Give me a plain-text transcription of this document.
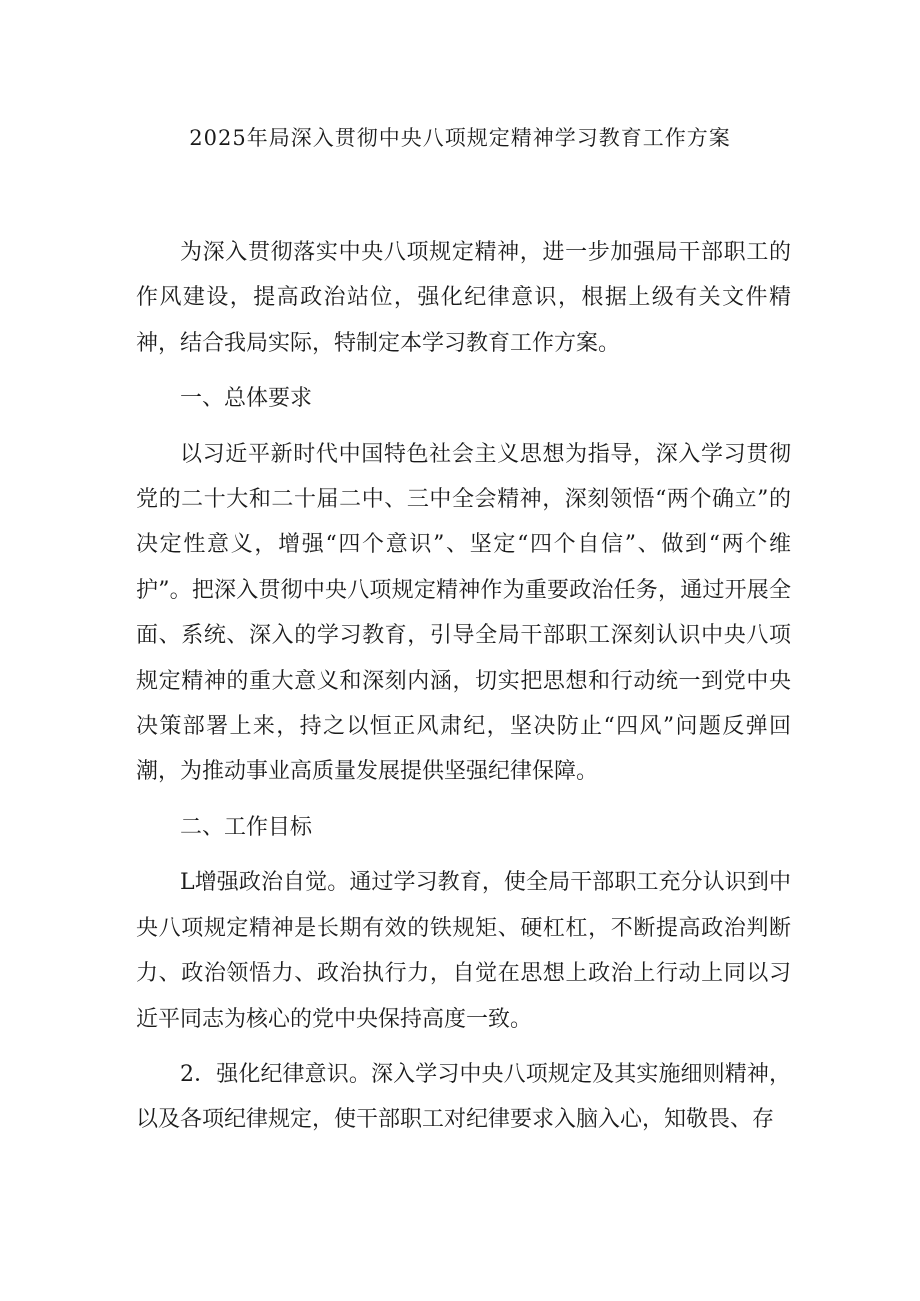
2025年局深入贯彻中央八项规定精神学习教育工作方案

为深入贯彻落实中央八项规定精神，进一步加强局干部职工的作风建设，提高政治站位，强化纪律意识，根据上级有关文件精神，结合我局实际，特制定本学习教育工作方案。

一、总体要求

以习近平新时代中国特色社会主义思想为指导，深入学习贯彻党的二十大和二十届二中、三中全会精神，深刻领悟“两个确立”的决定性意义，增强“四个意识”、坚定“四个自信”、做到“两个维护”。把深入贯彻中央八项规定精神作为重要政治任务，通过开展全面、系统、深入的学习教育，引导全局干部职工深刻认识中央八项规定精神的重大意义和深刻内涵，切实把思想和行动统一到党中央决策部署上来，持之以恒正风肃纪，坚决防止“四风”问题反弹回潮，为推动事业高质量发展提供坚强纪律保障。

二、工作目标

L增强政治自觉。通过学习教育，使全局干部职工充分认识到中央八项规定精神是长期有效的铁规矩、硬杠杠，不断提高政治判断力、政治领悟力、政治执行力，自觉在思想上政治上行动上同以习近平同志为核心的党中央保持高度一致。

2．强化纪律意识。深入学习中央八项规定及其实施细则精神，以及各项纪律规定，使干部职工对纪律要求入脑入心，知敬畏、存
